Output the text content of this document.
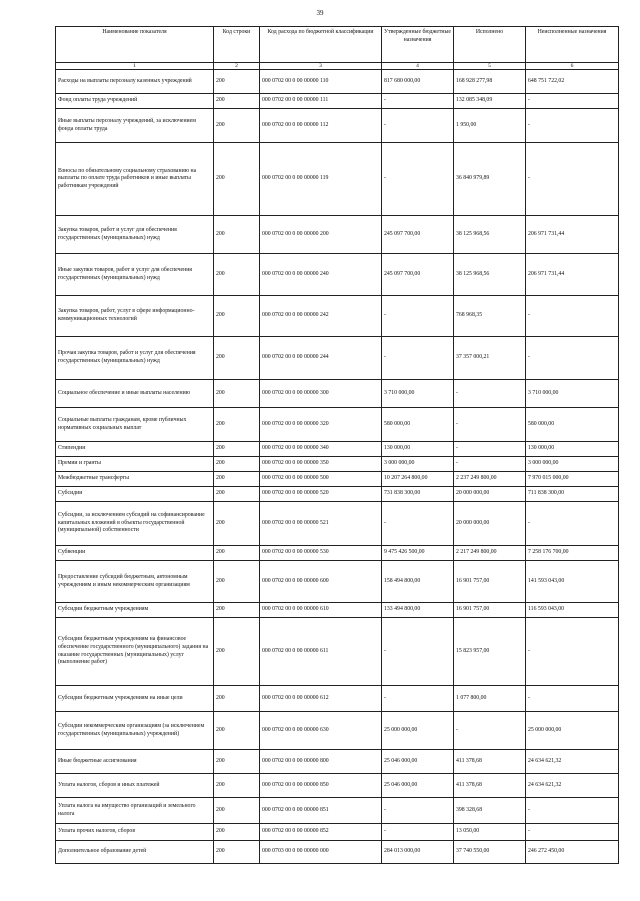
39
Наименование показателя	Код строки	Код расхода по бюджетной классификации	Утвержденные бюджетные назначения	Исполнено	Неисполненные назначения
1	2	3	4	5	6
Расходы на выплаты персоналу казенных учреждений	200	000 0702 00 0 00 00000 110	817 680 000,00	168 928 277,98	648 751 722,02
Фонд оплаты труда учреждений	200	000 0702 00 0 00 00000 111	-	132 085 348,09	-
Иные выплаты персоналу учреждений, за исключением фонда оплаты труда	200	000 0702 00 0 00 00000 112	-	1 950,00	-
Взносы по обязательному социальному страхованию на выплаты по оплате труда работников и иные выплаты работникам учреждений	200	000 0702 00 0 00 00000 119	-	36 840 979,89	-
Закупка товаров, работ и услуг для обеспечения государственных (муниципальных) нужд	200	000 0702 00 0 00 00000 200	245 097 700,00	38 125 968,56	206 971 731,44
Иные закупки товаров, работ и услуг для обеспечения государственных (муниципальных) нужд	200	000 0702 00 0 00 00000 240	245 097 700,00	38 125 968,56	206 971 731,44
Закупка товаров, работ, услуг в сфере информационно-коммуникационных технологий	200	000 0702 00 0 00 00000 242	-	768 968,35	-
Прочая закупка товаров, работ и услуг для обеспечения государственных (муниципальных) нужд	200	000 0702 00 0 00 00000 244	-	37 357 000,21	-
Социальное обеспечение и иные выплаты населению	200	000 0702 00 0 00 00000 300	3 710 000,00	-	3 710 000,00
Социальные выплаты гражданам, кроме публичных нормативных социальных выплат	200	000 0702 00 0 00 00000 320	580 000,00	-	580 000,00
Стипендии	200	000 0702 00 0 00 00000 340	130 000,00	-	130 000,00
Премии и гранты	200	000 0702 00 0 00 00000 350	3 000 000,00	-	3 000 000,00
Межбюджетные трансферты	200	000 0702 00 0 00 00000 500	10 207 264 800,00	2 237 249 800,00	7 970 015 000,00
Субсидии	200	000 0702 00 0 00 00000 520	731 838 300,00	20 000 000,00	711 838 300,00
Субсидии, за исключением субсидий на софинансирование капитальных вложений в объекты государственной (муниципальной) собственности	200	000 0702 00 0 00 00000 521	-	20 000 000,00	-
Субвенции	200	000 0702 00 0 00 00000 530	9 475 426 500,00	2 217 249 800,00	7 258 176 700,00
Предоставление субсидий бюджетным, автономным учреждениям и иным некоммерческим организациям	200	000 0702 00 0 00 00000 600	158 494 800,00	16 901 757,00	141 593 043,00
Субсидии бюджетным учреждениям	200	000 0702 00 0 00 00000 610	133 494 800,00	16 901 757,00	116 593 043,00
Субсидии бюджетным учреждениям на финансовое обеспечение государственного (муниципального) задания на оказание государственных (муниципальных) услуг (выполнение работ)	200	000 0702 00 0 00 00000 611	-	15 823 957,00	-
Субсидии бюджетным учреждениям на иные цели	200	000 0702 00 0 00 00000 612	-	1 077 800,00	-
Субсидии некоммерческим организациям (за исключением государственных (муниципальных) учреждений)	200	000 0702 00 0 00 00000 630	25 000 000,00	-	25 000 000,00
Иные бюджетные ассигнования	200	000 0702 00 0 00 00000 800	25 046 000,00	411 378,68	24 634 621,32
Уплата налогов, сборов и иных платежей	200	000 0702 00 0 00 00000 850	25 046 000,00	411 378,68	24 634 621,32
Уплата налога на имущество организаций и земельного налога	200	000 0702 00 0 00 00000 851	-	398 328,68	-
Уплата прочих налогов, сборов	200	000 0702 00 0 00 00000 852	-	13 050,00	-
Дополнительное образование детей	200	000 0703 00 0 00 00000 000	284 013 000,00	37 740 550,00	246 272 450,00
